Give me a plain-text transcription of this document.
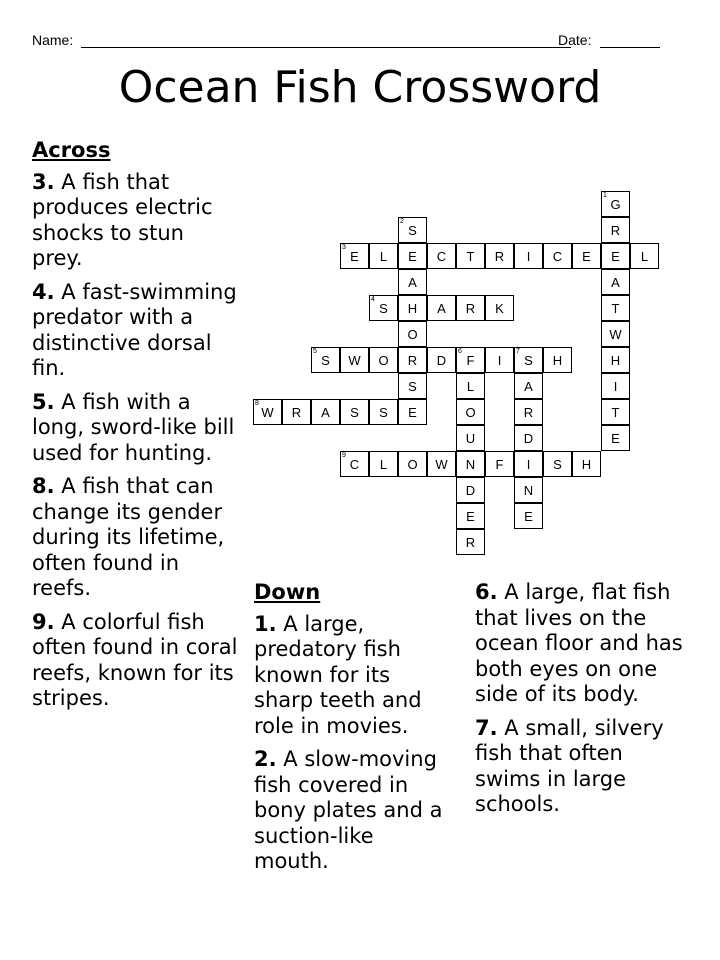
Name:	Date:
Ocean Fish Crossword
E
3
L E C T R I C E E L
S
4
H A R K
S
5
W O R D F
6
I S
7
H
W
8
R A S S E
C
9
L O W N F I S H
G
1
R
A
T
W
H
I
T
E
S
2
A
O
S	L
O
U
D
E
R
A
R
D
N
E
Across
3. A fish that produces electric shocks to stun prey.
4. A fast-swimming predator with a distinctive dorsal fin.
5. A fish with a long, sword-like bill used for hunting.
8. A fish that can change its gender during its lifetime, often found in reefs.
9. A colorful fish often found in coral reefs, known for its stripes.
Down
1. A large, predatory fish known for its sharp teeth and role in movies.
2. A slow-moving fish covered in bony plates and a suction-like mouth.
6. A large, flat fish that lives on the ocean floor and has both eyes on one side of its body.
7. A small, silvery fish that often swims in large schools.
